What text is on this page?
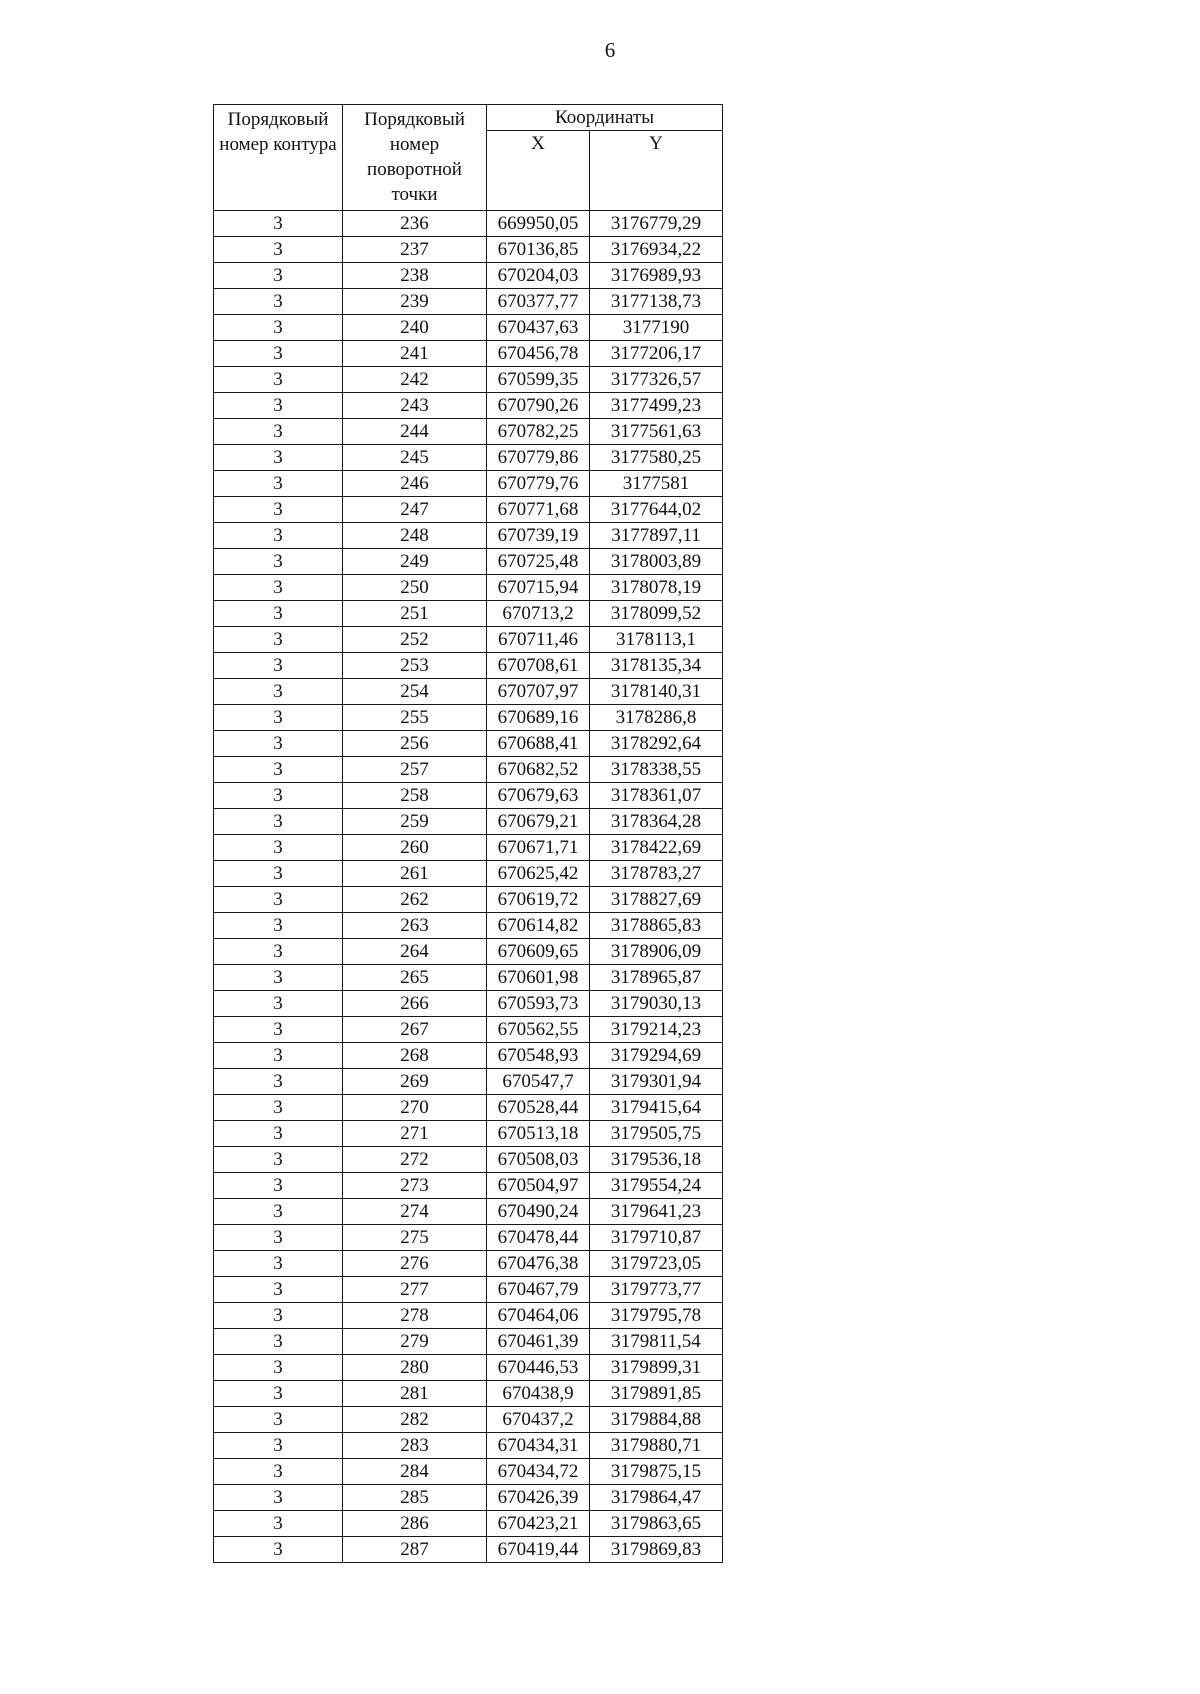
6
Порядковый номер контура	Порядковый номер поворотной точки	Координаты	
		X	Y
3	236	669950,05	3176779,29
3	237	670136,85	3176934,22
3	238	670204,03	3176989,93
3	239	670377,77	3177138,73
3	240	670437,63	3177190
3	241	670456,78	3177206,17
3	242	670599,35	3177326,57
3	243	670790,26	3177499,23
3	244	670782,25	3177561,63
3	245	670779,86	3177580,25
3	246	670779,76	3177581
3	247	670771,68	3177644,02
3	248	670739,19	3177897,11
3	249	670725,48	3178003,89
3	250	670715,94	3178078,19
3	251	670713,2	3178099,52
3	252	670711,46	3178113,1
3	253	670708,61	3178135,34
3	254	670707,97	3178140,31
3	255	670689,16	3178286,8
3	256	670688,41	3178292,64
3	257	670682,52	3178338,55
3	258	670679,63	3178361,07
3	259	670679,21	3178364,28
3	260	670671,71	3178422,69
3	261	670625,42	3178783,27
3	262	670619,72	3178827,69
3	263	670614,82	3178865,83
3	264	670609,65	3178906,09
3	265	670601,98	3178965,87
3	266	670593,73	3179030,13
3	267	670562,55	3179214,23
3	268	670548,93	3179294,69
3	269	670547,7	3179301,94
3	270	670528,44	3179415,64
3	271	670513,18	3179505,75
3	272	670508,03	3179536,18
3	273	670504,97	3179554,24
3	274	670490,24	3179641,23
3	275	670478,44	3179710,87
3	276	670476,38	3179723,05
3	277	670467,79	3179773,77
3	278	670464,06	3179795,78
3	279	670461,39	3179811,54
3	280	670446,53	3179899,31
3	281	670438,9	3179891,85
3	282	670437,2	3179884,88
3	283	670434,31	3179880,71
3	284	670434,72	3179875,15
3	285	670426,39	3179864,47
3	286	670423,21	3179863,65
3	287	670419,44	3179869,83
